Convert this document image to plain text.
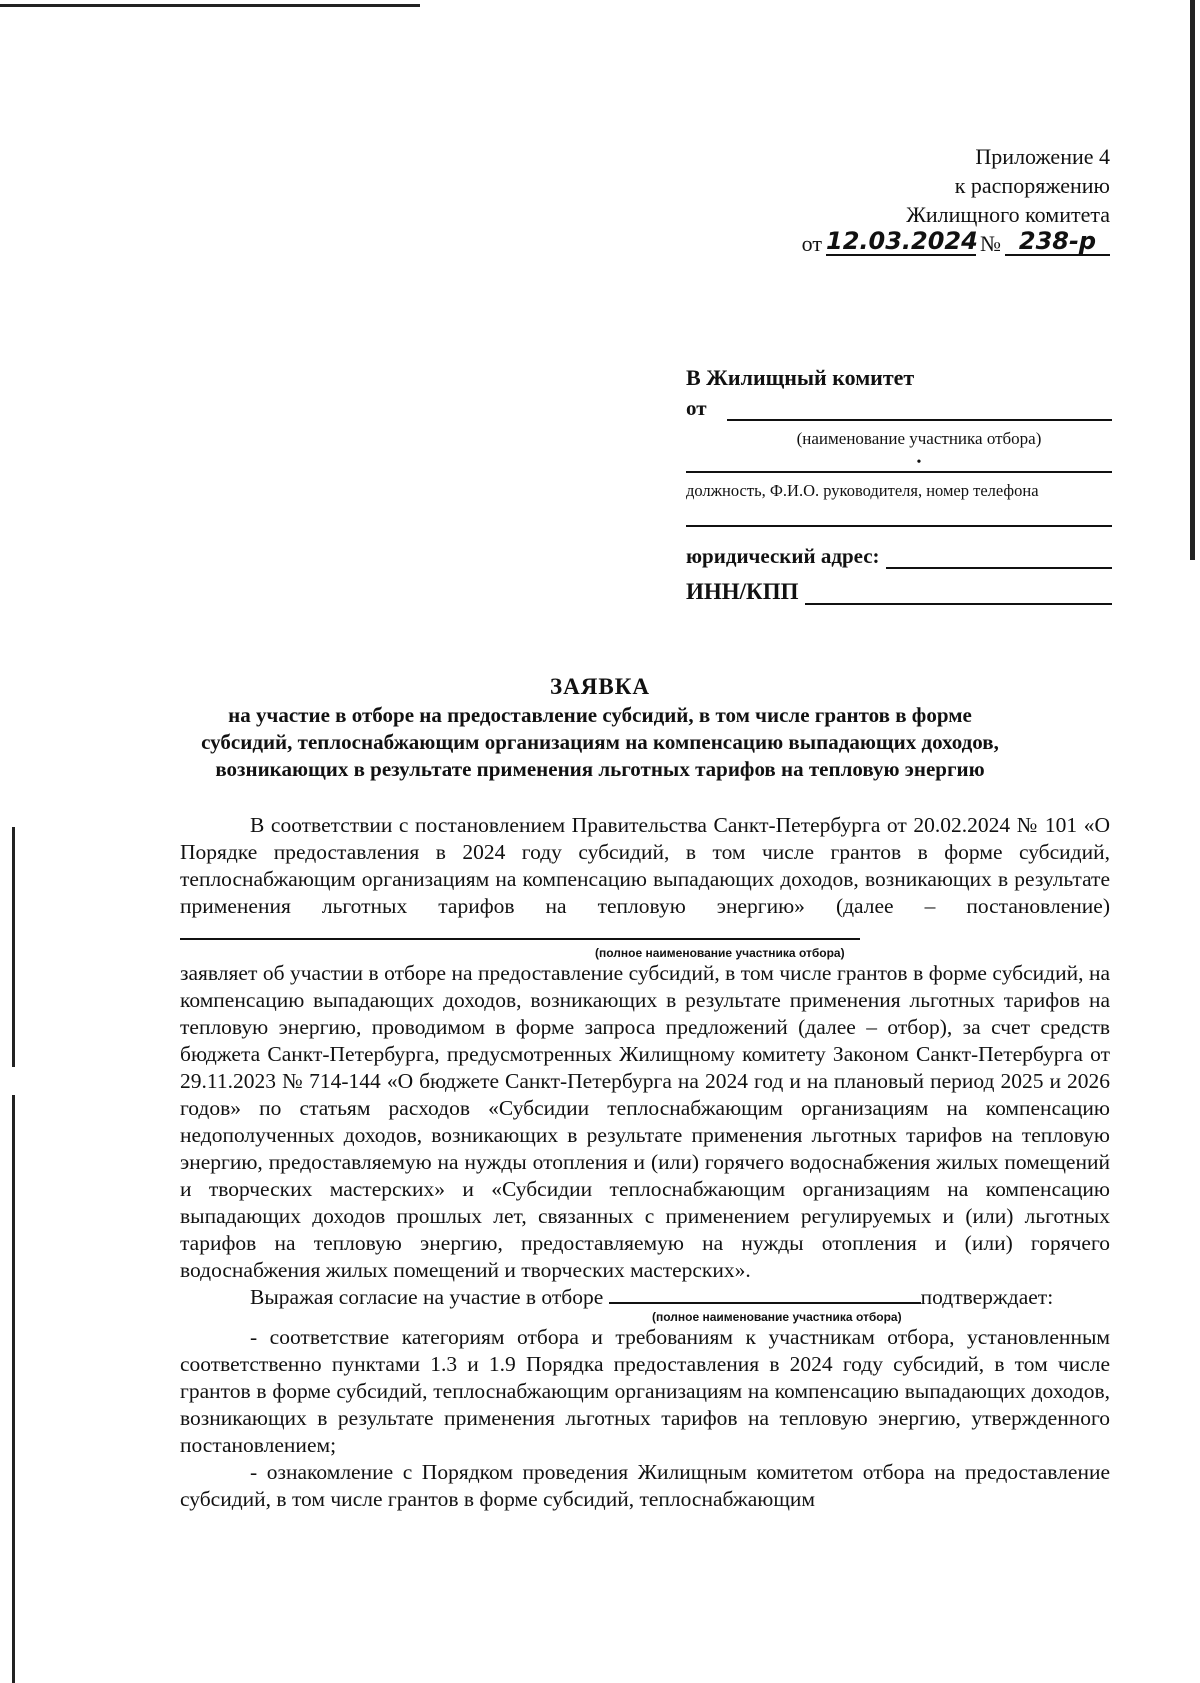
Приложение 4
к распоряжению
Жилищного комитета
от 12.03.2024 № 238-р
В Жилищный комитет
от
(наименование участника отбора)
•
должность, Ф.И.О. руководителя, номер телефона
юридический адрес:
ИНН/КПП
ЗАЯВКА
на участие в отборе на предоставление субсидий, в том числе грантов в форме
субсидий, теплоснабжающим организациям на компенсацию выпадающих доходов,
возникающих в результате применения льготных тарифов на тепловую энергию

В соответствии с постановлением Правительства Санкт-Петербурга от 20.02.2024 № 101 «О Порядке предоставления в 2024 году субсидий, в том числе грантов в форме субсидий, теплоснабжающим организациям на компенсацию выпадающих доходов, возникающих в результате применения льготных тарифов на тепловую энергию» (далее – постановление)

(полное наименование участника отбора)

заявляет об участии в отборе на предоставление субсидий, в том числе грантов в форме субсидий, на компенсацию выпадающих доходов, возникающих в результате применения льготных тарифов на тепловую энергию, проводимом в форме запроса предложений (далее – отбор), за счет средств бюджета Санкт-Петербурга, предусмотренных Жилищному комитету Законом Санкт-Петербурга от 29.11.2023 № 714-144 «О бюджете Санкт-Петербурга на 2024 год и на плановый период 2025 и 2026 годов» по статьям расходов «Субсидии теплоснабжающим организациям на компенсацию недополученных доходов, возникающих в результате применения льготных тарифов на тепловую энергию, предоставляемую на нужды отопления и (или) горячего водоснабжения жилых помещений и творческих мастерских» и «Субсидии теплоснабжающим организациям на компенсацию выпадающих доходов прошлых лет, связанных с применением регулируемых и (или) льготных тарифов на тепловую энергию, предоставляемую на нужды отопления и (или) горячего водоснабжения жилых помещений и творческих мастерских».

Выражая согласие на участие в отборе	подтверждает:

(полное наименование участника отбора)

- соответствие категориям отбора и требованиям к участникам отбора, установленным соответственно пунктами 1.3 и 1.9 Порядка предоставления в 2024 году субсидий, в том числе грантов в форме субсидий, теплоснабжающим организациям на компенсацию выпадающих доходов, возникающих в результате применения льготных тарифов на тепловую энергию, утвержденного постановлением;

- ознакомление с Порядком проведения Жилищным комитетом отбора на предоставление субсидий, в том числе грантов в форме субсидий, теплоснабжающим
